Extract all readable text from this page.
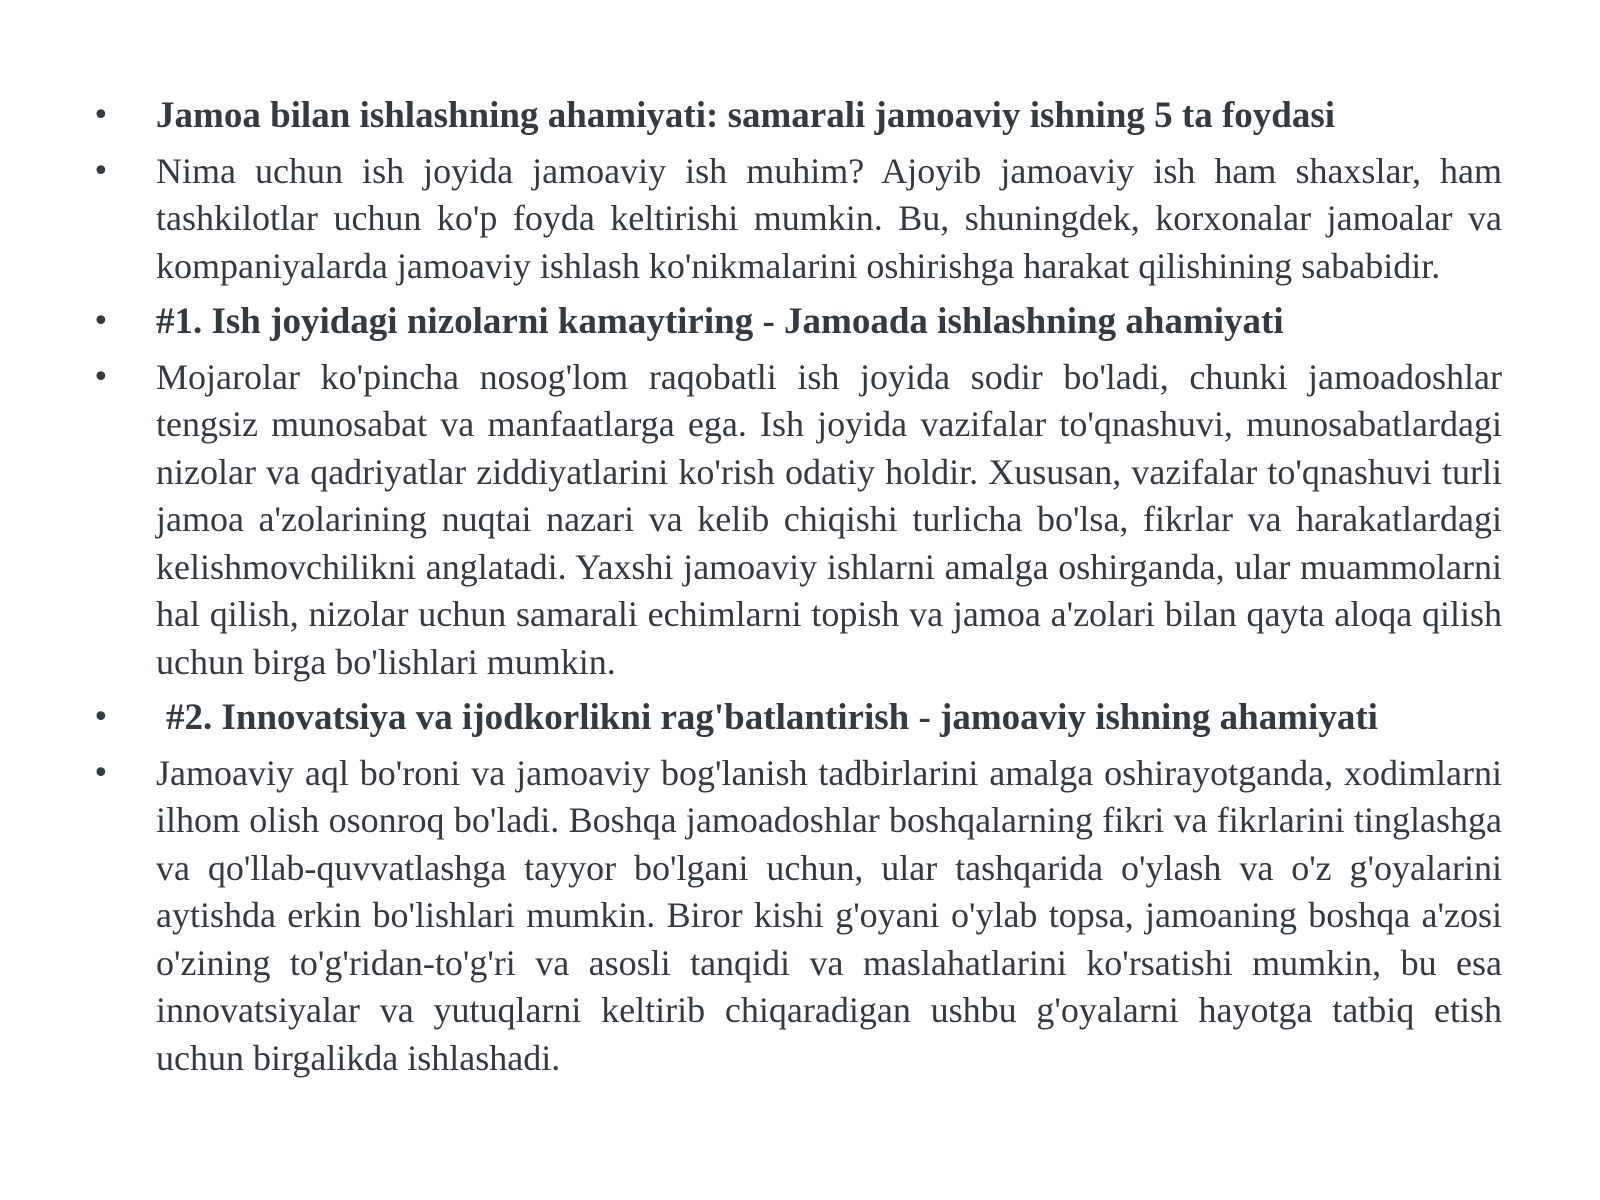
•	Jamoa bilan ishlashning ahamiyati: samarali jamoaviy ishning 5 ta foydasi
•	Nima uchun ish joyida jamoaviy ish muhim? Ajoyib jamoaviy ish ham shaxslar, ham tashkilotlar uchun ko'p foyda keltirishi mumkin. Bu, shuningdek, korxonalar jamoalar va kompaniyalarda jamoaviy ishlash ko'nikmalarini oshirishga harakat qilishining sababidir.
•	#1. Ish joyidagi nizolarni kamaytiring - Jamoada ishlashning ahamiyati
•	Mojarolar ko'pincha nosog'lom raqobatli ish joyida sodir bo'ladi, chunki jamoadoshlar tengsiz munosabat va manfaatlarga ega. Ish joyida vazifalar to'qnashuvi, munosabatlardagi nizolar va qadriyatlar ziddiyatlarini ko'rish odatiy holdir. Xususan, vazifalar to'qnashuvi turli jamoa a'zolarining nuqtai nazari va kelib chiqishi turlicha bo'lsa, fikrlar va harakatlardagi kelishmovchilikni anglatadi. Yaxshi jamoaviy ishlarni amalga oshirganda, ular muammolarni hal qilish, nizolar uchun samarali echimlarni topish va jamoa a'zolari bilan qayta aloqa qilish uchun birga bo'lishlari mumkin.
•	#2. Innovatsiya va ijodkorlikni rag'batlantirish - jamoaviy ishning ahamiyati
•	Jamoaviy aql bo'roni va jamoaviy bog'lanish tadbirlarini amalga oshirayotganda, xodimlarni ilhom olish osonroq bo'ladi. Boshqa jamoadoshlar boshqalarning fikri va fikrlarini tinglashga va qo'llab-quvvatlashga tayyor bo'lgani uchun, ular tashqarida o'ylash va o'z g'oyalarini aytishda erkin bo'lishlari mumkin. Biror kishi g'oyani o'ylab topsa, jamoaning boshqa a'zosi o'zining to'g'ridan-to'g'ri va asosli tanqidi va maslahatlarini ko'rsatishi mumkin, bu esa innovatsiyalar va yutuqlarni keltirib chiqaradigan ushbu g'oyalarni hayotga tatbiq etish uchun birgalikda ishlashadi.
